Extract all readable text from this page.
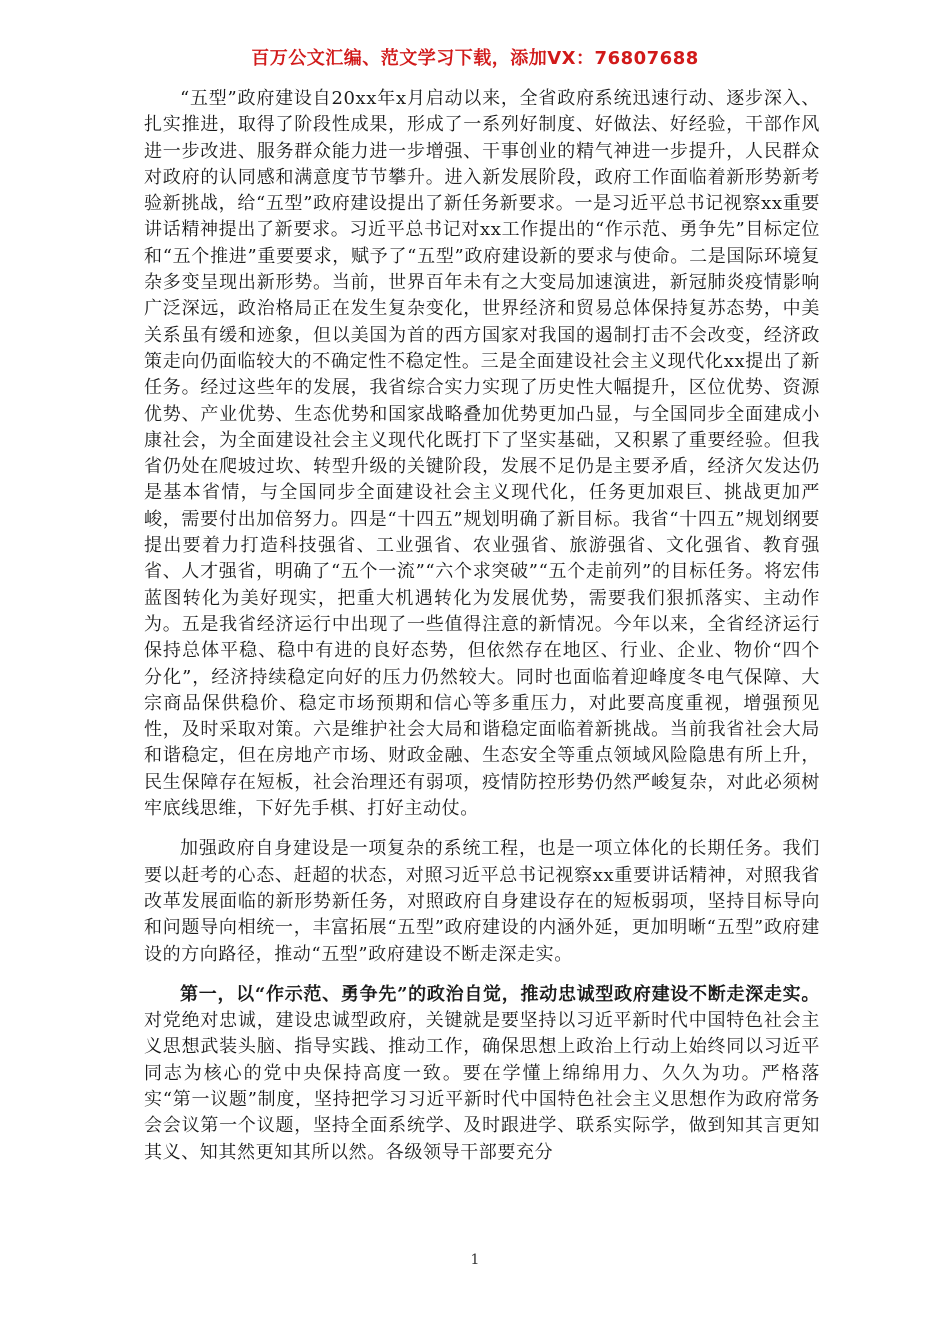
百万公文汇编、范文学习下载，添加VX：76807688

“五型”政府建设自20xx年x月启动以来，全省政府系统迅速行动、逐步深入、扎实推进，取得了阶段性成果，形成了一系列好制度、好做法、好经验，干部作风进一步改进、服务群众能力进一步增强、干事创业的精气神进一步提升，人民群众对政府的认同感和满意度节节攀升。进入新发展阶段，政府工作面临着新形势新考验新挑战，给“五型”政府建设提出了新任务新要求。一是习近平总书记视察xx重要讲话精神提出了新要求。习近平总书记对xx工作提出的“作示范、勇争先”目标定位和“五个推进”重要要求，赋予了“五型”政府建设新的要求与使命。二是国际环境复杂多变呈现出新形势。当前，世界百年未有之大变局加速演进，新冠肺炎疫情影响广泛深远，政治格局正在发生复杂变化，世界经济和贸易总体保持复苏态势，中美关系虽有缓和迹象，但以美国为首的西方国家对我国的遏制打击不会改变，经济政策走向仍面临较大的不确定性不稳定性。三是全面建设社会主义现代化xx提出了新任务。经过这些年的发展，我省综合实力实现了历史性大幅提升，区位优势、资源优势、产业优势、生态优势和国家战略叠加优势更加凸显，与全国同步全面建成小康社会，为全面建设社会主义现代化既打下了坚实基础，又积累了重要经验。但我省仍处在爬坡过坎、转型升级的关键阶段，发展不足仍是主要矛盾，经济欠发达仍是基本省情，与全国同步全面建设社会主义现代化，任务更加艰巨、挑战更加严峻，需要付出加倍努力。四是“十四五”规划明确了新目标。我省“十四五”规划纲要提出要着力打造科技强省、工业强省、农业强省、旅游强省、文化强省、教育强省、人才强省，明确了“五个一流”“六个求突破”“五个走前列”的目标任务。将宏伟蓝图转化为美好现实，把重大机遇转化为发展优势，需要我们狠抓落实、主动作为。五是我省经济运行中出现了一些值得注意的新情况。今年以来，全省经济运行保持总体平稳、稳中有进的良好态势，但依然存在地区、行业、企业、物价“四个分化”，经济持续稳定向好的压力仍然较大。同时也面临着迎峰度冬电气保障、大宗商品保供稳价、稳定市场预期和信心等多重压力，对此要高度重视，增强预见性，及时采取对策。六是维护社会大局和谐稳定面临着新挑战。当前我省社会大局和谐稳定，但在房地产市场、财政金融、生态安全等重点领域风险隐患有所上升，民生保障存在短板，社会治理还有弱项，疫情防控形势仍然严峻复杂，对此必须树牢底线思维，下好先手棋、打好主动仗。

加强政府自身建设是一项复杂的系统工程，也是一项立体化的长期任务。我们要以赶考的心态、赶超的状态，对照习近平总书记视察xx重要讲话精神，对照我省改革发展面临的新形势新任务，对照政府自身建设存在的短板弱项，坚持目标导向和问题导向相统一，丰富拓展“五型”政府建设的内涵外延，更加明晰“五型”政府建设的方向路径，推动“五型”政府建设不断走深走实。

第一，以“作示范、勇争先”的政治自觉，推动忠诚型政府建设不断走深走实。对党绝对忠诚，建设忠诚型政府，关键就是要坚持以习近平新时代中国特色社会主义思想武装头脑、指导实践、推动工作，确保思想上政治上行动上始终同以习近平同志为核心的党中央保持高度一致。要在学懂上绵绵用力、久久为功。严格落实“第一议题”制度，坚持把学习习近平新时代中国特色社会主义思想作为政府常务会会议第一个议题，坚持全面系统学、及时跟进学、联系实际学，做到知其言更知其义、知其然更知其所以然。各级领导干部要充分

1
